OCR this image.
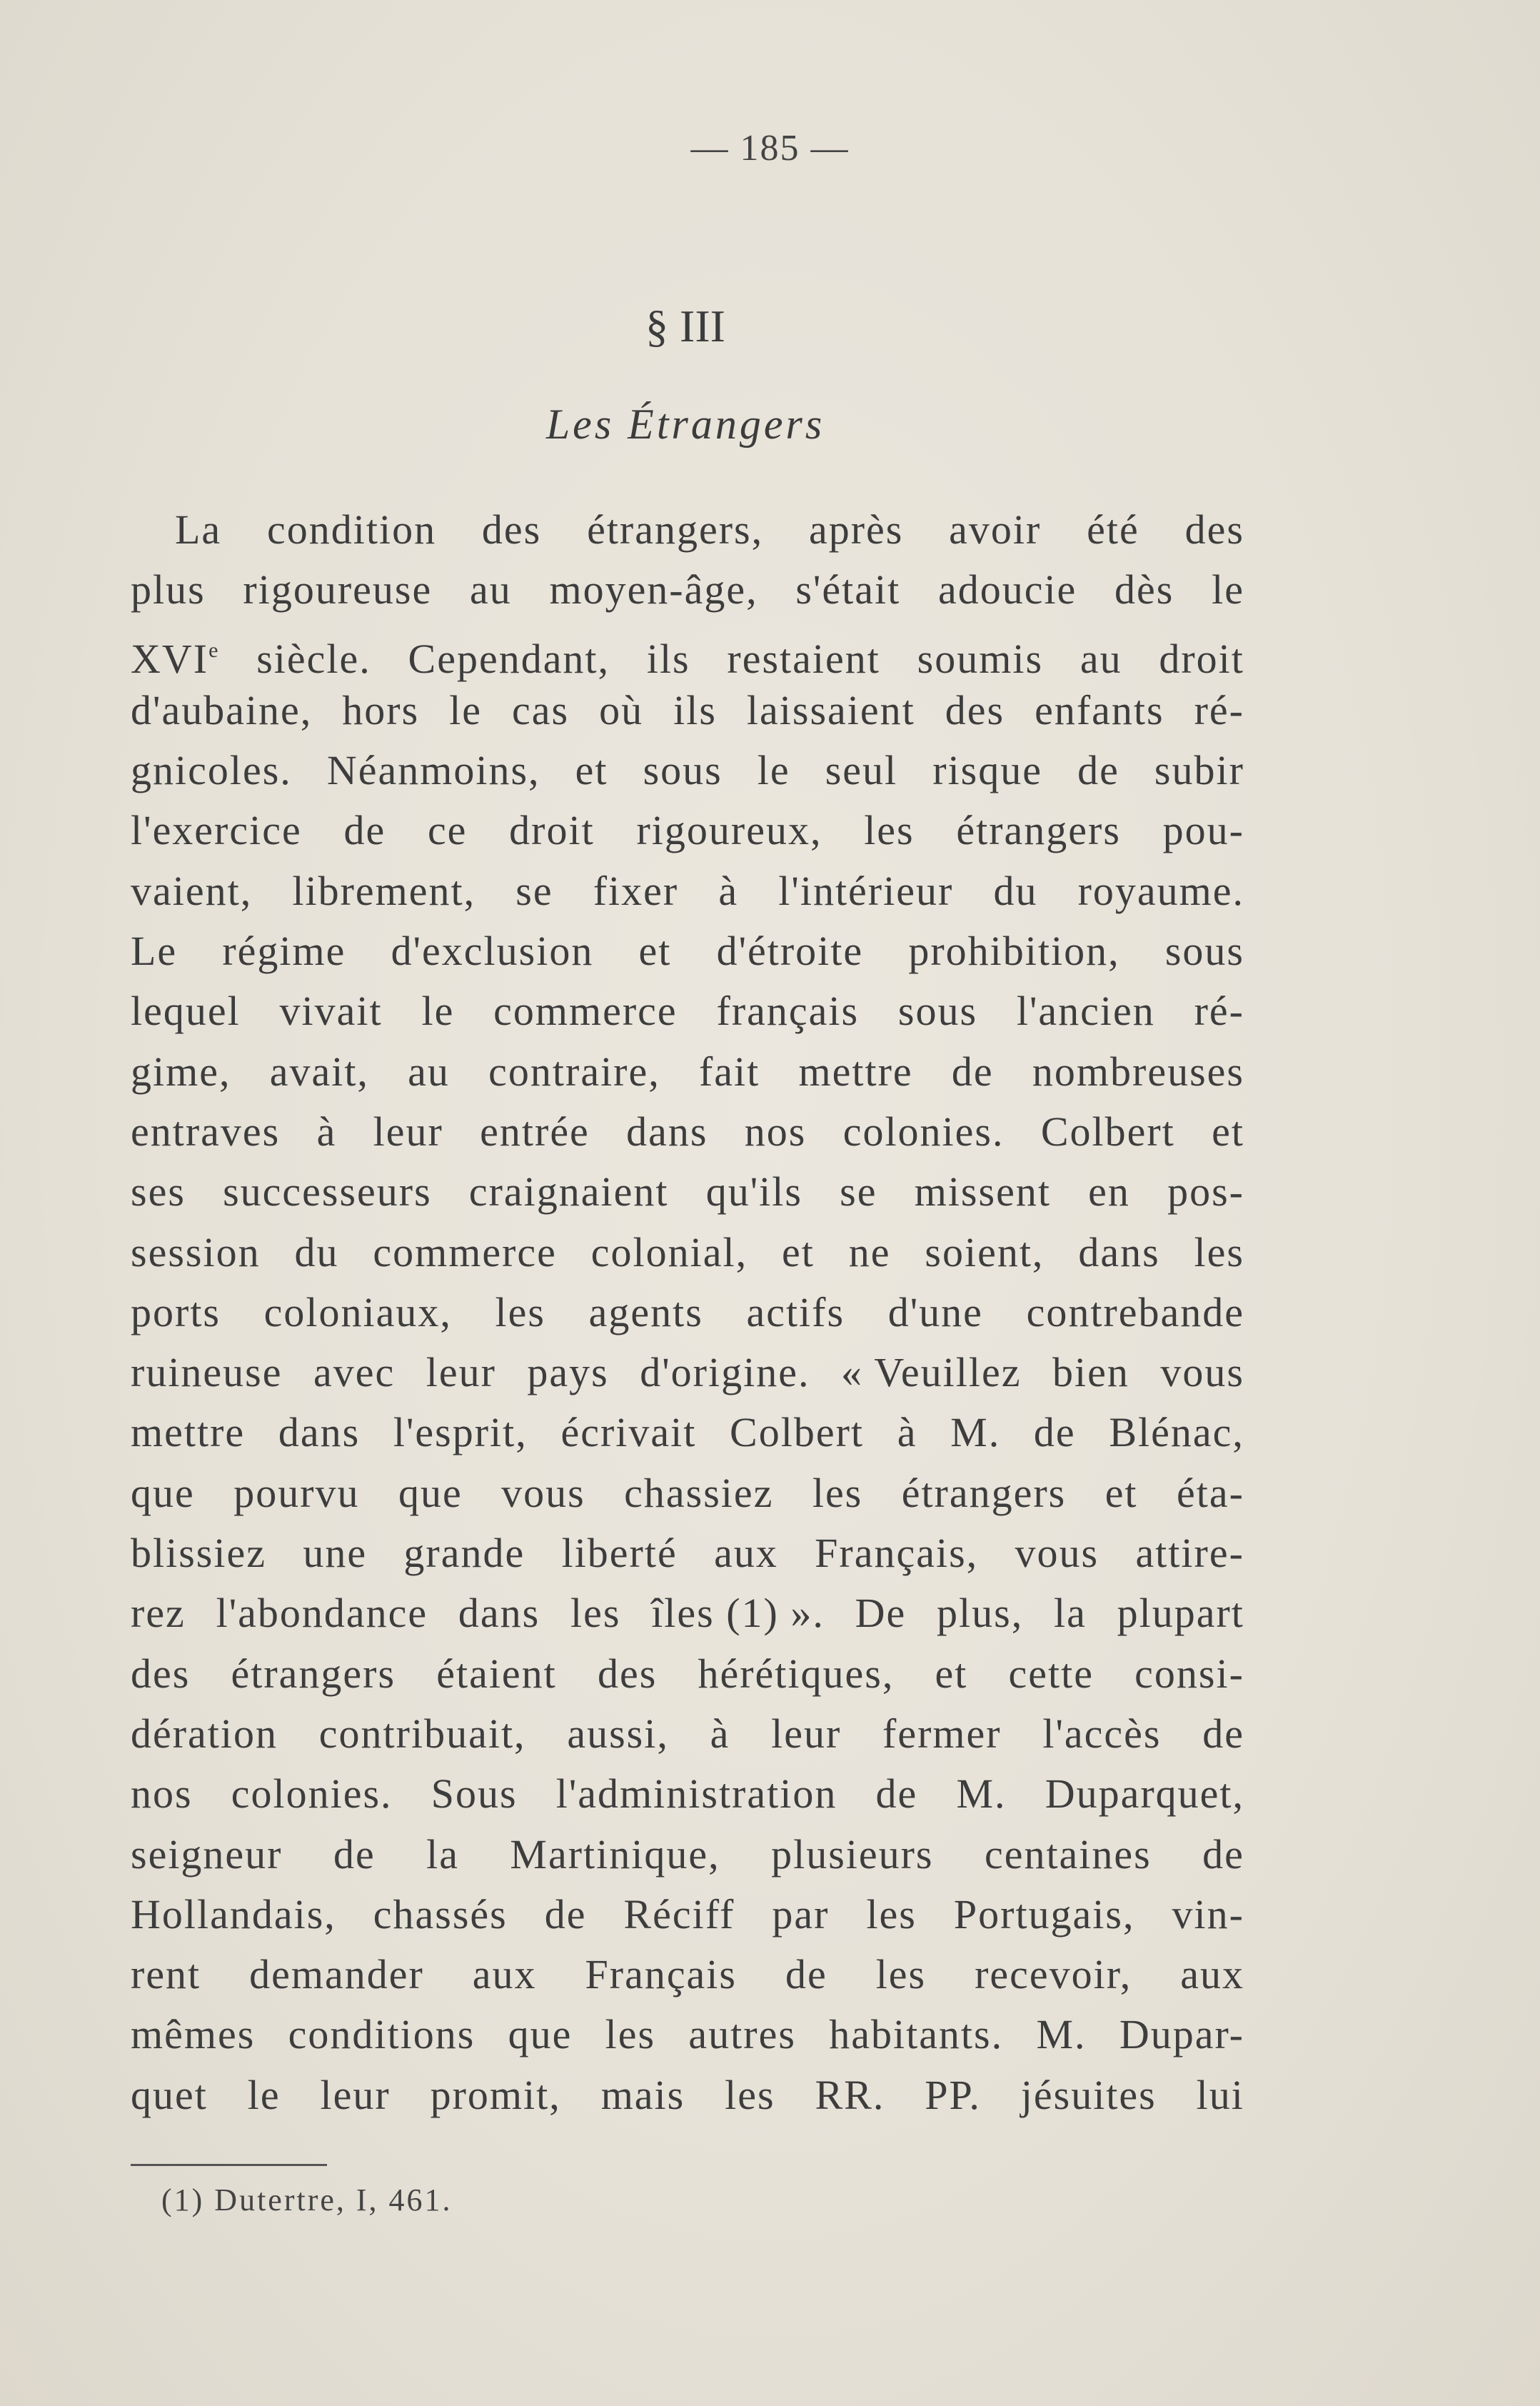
— 185 —
§ III
Les Étrangers
La condition des étrangers, après avoir été des
plus rigoureuse au moyen-âge, s'était adoucie dès le
XVIe siècle. Cependant, ils restaient soumis au droit
d'aubaine, hors le cas où ils laissaient des enfants ré-
gnicoles. Néanmoins, et sous le seul risque de subir
l'exercice de ce droit rigoureux, les étrangers pou-
vaient, librement, se fixer à l'intérieur du royaume.
Le régime d'exclusion et d'étroite prohibition, sous
lequel vivait le commerce français sous l'ancien ré-
gime, avait, au contraire, fait mettre de nombreuses
entraves à leur entrée dans nos colonies. Colbert et
ses successeurs craignaient qu'ils se missent en pos-
session du commerce colonial, et ne soient, dans les
ports coloniaux, les agents actifs d'une contrebande
ruineuse avec leur pays d'origine. « Veuillez bien vous
mettre dans l'esprit, écrivait Colbert à M. de Blénac,
que pourvu que vous chassiez les étrangers et éta-
blissiez une grande liberté aux Français, vous attire-
rez l'abondance dans les îles (1) ». De plus, la plupart
des étrangers étaient des hérétiques, et cette consi-
dération contribuait, aussi, à leur fermer l'accès de
nos colonies. Sous l'administration de M. Duparquet,
seigneur de la Martinique, plusieurs centaines de
Hollandais, chassés de Réciff par les Portugais, vin-
rent demander aux Français de les recevoir, aux
mêmes conditions que les autres habitants. M. Dupar-
quet le leur promit, mais les RR. PP. jésuites lui
(1) Dutertre, I, 461.
